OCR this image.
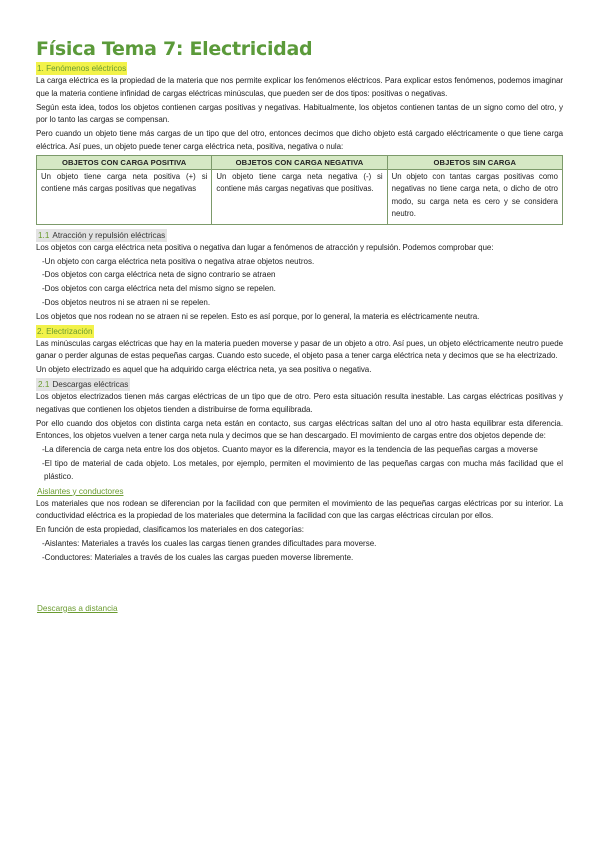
Física Tema 7: Electricidad
1. Fenómenos eléctricos

La carga eléctrica es la propiedad de la materia que nos permite explicar los fenómenos eléctricos. Para explicar estos fenómenos, podemos imaginar que la materia contiene infinidad de cargas eléctricas minúsculas, que pueden ser de dos tipos: positivas o negativas.

Según esta idea, todos los objetos contienen cargas positivas y negativas. Habitualmente, los objetos contienen tantas de un signo como del otro, y por lo tanto las cargas se compensan.

Pero cuando un objeto tiene más cargas de un tipo que del otro, entonces decimos que dicho objeto está cargado eléctricamente o que tiene carga eléctrica. Así pues, un objeto puede tener carga eléctrica neta, positiva, negativa o nula:

OBJETOS CON CARGA POSITIVA	OBJETOS CON CARGA NEGATIVA	OBJETOS SIN CARGA
Un objeto tiene carga neta positiva (+) si contiene más cargas positivas que negativas	Un objeto tiene carga neta negativa (-) si contiene más cargas negativas que positivas.	Un objeto con tantas cargas positivas como negativas no tiene carga neta, o dicho de otro modo, su carga neta es cero y se considera neutro.
1.1 Atracción y repulsión eléctricas

Los objetos con carga eléctrica neta positiva o negativa dan lugar a fenómenos de atracción y repulsión. Podemos comprobar que:

-Un objeto con carga eléctrica neta positiva o negativa atrae objetos neutros.
-Dos objetos con carga eléctrica neta de signo contrario se atraen
-Dos objetos con carga eléctrica neta del mismo signo se repelen.
-Dos objetos neutros ni se atraen ni se repelen.

Los objetos que nos rodean no se atraen ni se repelen. Esto es así porque, por lo general, la materia es eléctricamente neutra.

2. Electrización

Las minúsculas cargas eléctricas que hay en la materia pueden moverse y pasar de un objeto a otro. Así pues, un objeto eléctricamente neutro puede ganar o perder algunas de estas pequeñas cargas. Cuando esto sucede, el objeto pasa a tener carga eléctrica neta y decimos que se ha electrizado.

Un objeto electrizado es aquel que ha adquirido carga eléctrica neta, ya sea positiva o negativa.

2.1 Descargas eléctricas

Los objetos electrizados tienen más cargas eléctricas de un tipo que de otro. Pero esta situación resulta inestable. Las cargas eléctricas positivas y negativas que contienen los objetos tienden a distribuirse de forma equilibrada.

Por ello cuando dos objetos con distinta carga neta están en contacto, sus cargas eléctricas saltan del uno al otro hasta equilibrar esta diferencia. Entonces, los objetos vuelven a tener carga neta nula y decimos que se han descargado. El movimiento de cargas entre dos objetos depende de:

-La diferencia de carga neta entre los dos objetos. Cuanto mayor es la diferencia, mayor es la tendencia de las pequeñas cargas a moverse
-El tipo de material de cada objeto. Los metales, por ejemplo, permiten el movimiento de las pequeñas cargas con mucha más facilidad que el plástico.
Aislantes y conductores

Los materiales que nos rodean se diferencian por la facilidad con que permiten el movimiento de las pequeñas cargas eléctricas por su interior. La conductividad eléctrica es la propiedad de los materiales que determina la facilidad con que las cargas eléctricas circulan por ellos.

En función de esta propiedad, clasificamos los materiales en dos categorías:

-Aislantes: Materiales a través los cuales las cargas tienen grandes dificultades para moverse.
-Conductores: Materiales a través de los cuales las cargas pueden moverse libremente.
Descargas a distancia
